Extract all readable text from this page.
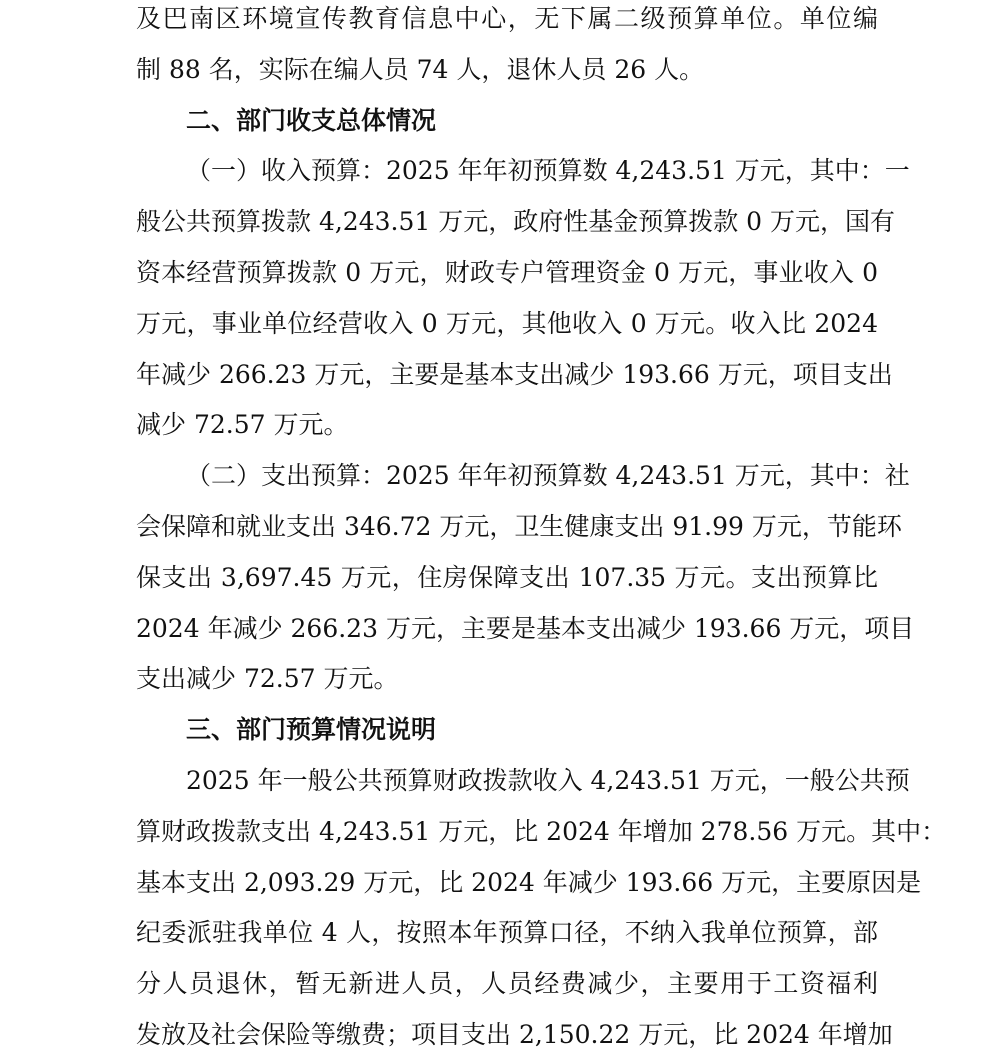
及巴南区环境宣传教育信息中心，无下属二级预算单位。单位编
制 88 名，实际在编人员 74 人，退休人员 26 人。
二、部门收支总体情况
（一）收入预算：2025 年年初预算数 4,243.51 万元，其中：一
般公共预算拨款 4,243.51 万元，政府性基金预算拨款 0 万元，国有
资本经营预算拨款 0 万元，财政专户管理资金 0 万元，事业收入 0
万元，事业单位经营收入 0 万元，其他收入 0 万元。收入比 2024
年减少 266.23 万元，主要是基本支出减少 193.66 万元，项目支出
减少 72.57 万元。
（二）支出预算：2025 年年初预算数 4,243.51 万元，其中：社
会保障和就业支出 346.72 万元，卫生健康支出 91.99 万元，节能环
保支出 3,697.45 万元，住房保障支出 107.35 万元。支出预算比
2024 年减少 266.23 万元，主要是基本支出减少 193.66 万元，项目
支出减少 72.57 万元。
三、部门预算情况说明
2025 年一般公共预算财政拨款收入 4,243.51 万元，一般公共预
算财政拨款支出 4,243.51 万元，比 2024 年增加 278.56 万元。其中：
基本支出 2,093.29 万元，比 2024 年减少 193.66 万元，主要原因是
纪委派驻我单位 4 人，按照本年预算口径，不纳入我单位预算，部
分人员退休，暂无新进人员，人员经费减少，主要用于工资福利
发放及社会保险等缴费；项目支出 2,150.22 万元，比 2024 年增加
